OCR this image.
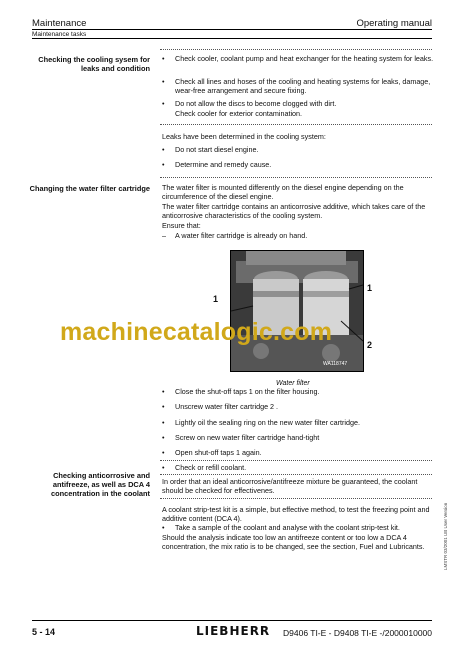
Maintenance	Operating manual
Maintenance tasks
Checking the cooling sysem for leaks and condition
•	Check cooler, coolant pump and heat exchanger for the heating system for leaks.
•	Check all lines and hoses of the cooling and heating systems for leaks, damage, wear-free arrangement and secure fixing.
•	Do not allow the discs to become clogged with dirt.
Check cooler for exterior contamination.
Leaks have been determined in the cooling system:
•	Do not start diesel engine.
•	Determine and remedy cause.
Changing the water filter cartridge The water filter is mounted differently on the diesel engine depending on the circumference of the diesel engine.
The water filter cartridge contains an anticorrosive additive, which takes care of the anticorrosive characteristics of the cooling system.
Ensure that:
–	A water filter cartridge is already on hand.
WA118747
1
1
2
Water filter
•	Close the shut-off taps 1 on the filter housing.
•	Unscrew water filter cartridge 2 .
•	Lightly oil the sealing ring on the new water filter cartridge.
•	Screw on new water filter cartridge hand-tight
•	Open shut-off taps 1 again.
•	Check or refill coolant.
Checking anticorrosive and antifreeze, as well as DCA 4 concentration in the coolant
In order that an ideal anticorrosive/antifreeze mixture be guaranteed, the coolant should be checked for effectivenes.
A coolant strip-test kit is a simple, but effective method, to test the freezing point and additive content (DCA 4).
•	Take a sample of the coolant and analyse with the coolant strip-test kit.
Should the analysis indicate too low an antifreeze content or too low a DCA 4 concentration, the mix ratio is to be changed, see the section, Fuel and Lubricants.
machinecatalogic.com
LMSTR 03/2001 UB User Version
5 - 14	LIEBHERR D9406 TI-E - D9408 TI-E -/2000010000
